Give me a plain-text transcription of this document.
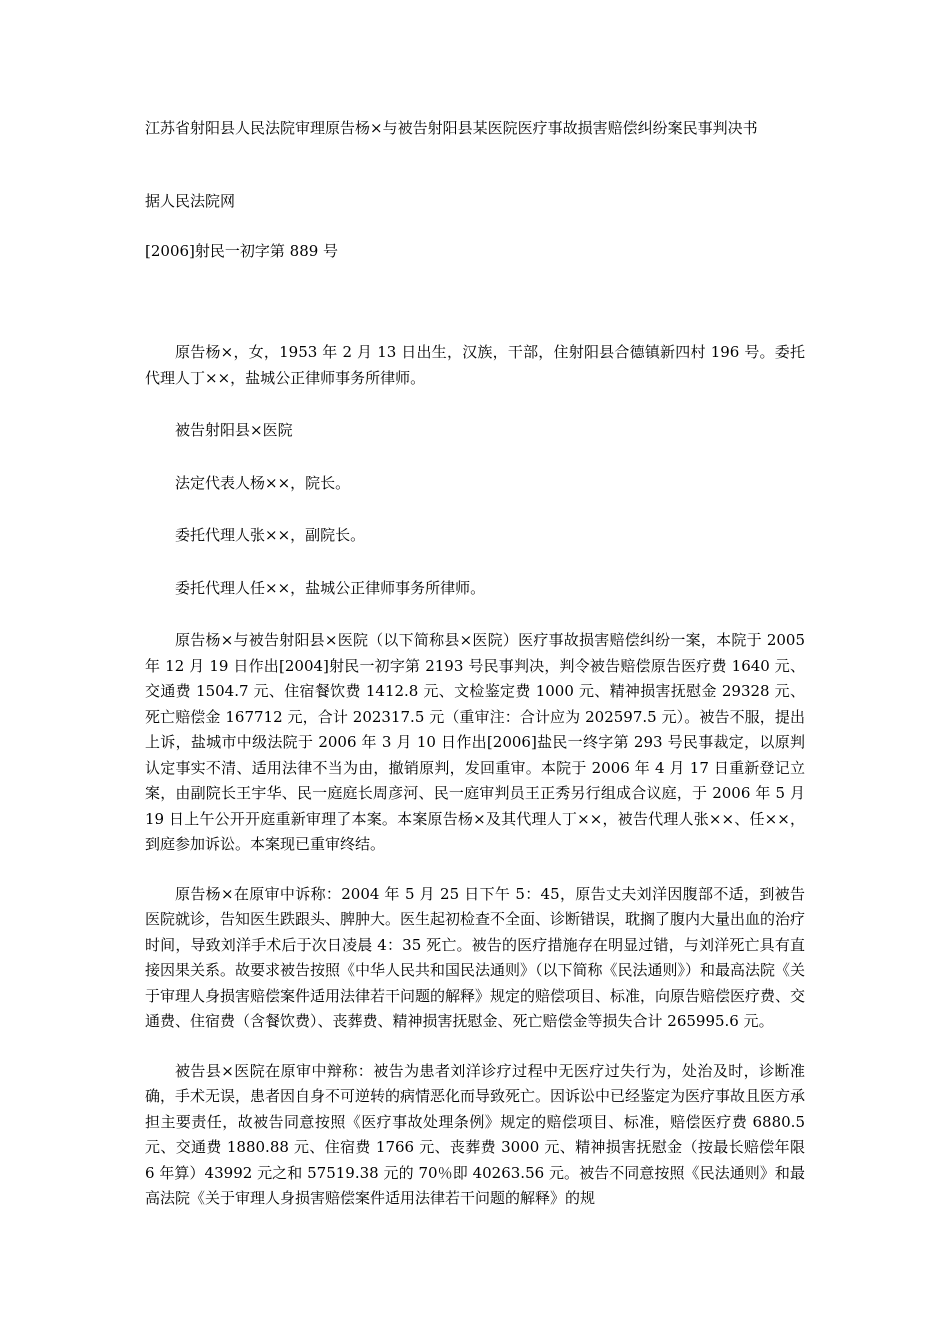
江苏省射阳县人民法院审理原告杨×与被告射阳县某医院医疗事故损害赔偿纠纷案民事判决书
据人民法院网
[2006]射民一初字第 889 号

原告杨×，女，1953 年 2 月 13 日出生，汉族，干部，住射阳县合德镇新四村 196 号。委托代理人丁××，盐城公正律师事务所律师。

被告射阳县×医院

法定代表人杨××，院长。

委托代理人张××，副院长。

委托代理人任××，盐城公正律师事务所律师。

原告杨×与被告射阳县×医院（以下简称县×医院）医疗事故损害赔偿纠纷一案，本院于 2005 年 12 月 19 日作出[2004]射民一初字第 2193 号民事判决，判令被告赔偿原告医疗费 1640 元、交通费 1504.7 元、住宿餐饮费 1412.8 元、文检鉴定费 1000 元、精神损害抚慰金 29328 元、死亡赔偿金 167712 元，合计 202317.5 元（重审注：合计应为 202597.5 元）。被告不服，提出上诉，盐城市中级法院于 2006 年 3 月 10 日作出[2006]盐民一终字第 293 号民事裁定，以原判认定事实不清、适用法律不当为由，撤销原判，发回重审。本院于 2006 年 4 月 17 日重新登记立案，由副院长王宇华、民一庭庭长周彦河、民一庭审判员王正秀另行组成合议庭，于 2006 年 5 月 19 日上午公开开庭重新审理了本案。本案原告杨×及其代理人丁××，被告代理人张××、任××，到庭参加诉讼。本案现已重审终结。

原告杨×在原审中诉称：2004 年 5 月 25 日下午 5：45，原告丈夫刘洋因腹部不适，到被告医院就诊，告知医生跌跟头、脾肿大。医生起初检查不全面、诊断错误，耽搁了腹内大量出血的治疗时间，导致刘洋手术后于次日凌晨 4：35 死亡。被告的医疗措施存在明显过错，与刘洋死亡具有直接因果关系。故要求被告按照《中华人民共和国民法通则》（以下简称《民法通则》）和最高法院《关于审理人身损害赔偿案件适用法律若干问题的解释》规定的赔偿项目、标准，向原告赔偿医疗费、交通费、住宿费（含餐饮费）、丧葬费、精神损害抚慰金、死亡赔偿金等损失合计 265995.6 元。

被告县×医院在原审中辩称：被告为患者刘洋诊疗过程中无医疗过失行为，处治及时，诊断准确，手术无误，患者因自身不可逆转的病情恶化而导致死亡。因诉讼中已经鉴定为医疗事故且医方承担主要责任，故被告同意按照《医疗事故处理条例》规定的赔偿项目、标准，赔偿医疗费 6880.5 元、交通费 1880.88 元、住宿费 1766 元、丧葬费 3000 元、精神损害抚慰金（按最长赔偿年限 6 年算）43992 元之和 57519.38 元的 70％即 40263.56 元。被告不同意按照《民法通则》和最高法院《关于审理人身损害赔偿案件适用法律若干问题的解释》的规
